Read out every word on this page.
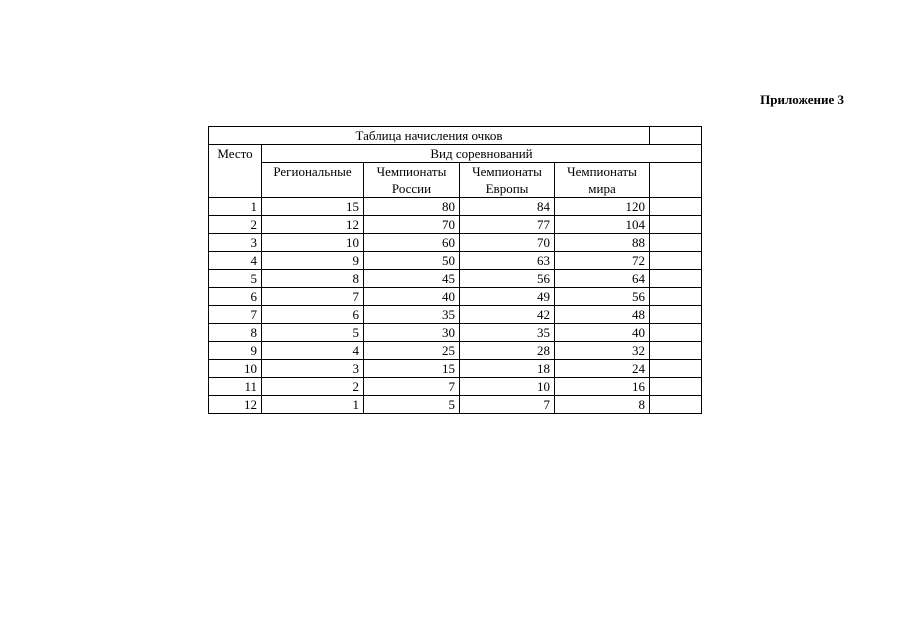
Приложение 3
Таблица начисления очков					
Место	Вид соревнований				
	Региональные	Чемпионаты России	Чемпионаты Европы	Чемпионаты мира	
1	15	80	84	120	
2	12	70	77	104	
3	10	60	70	88	
4	9	50	63	72	
5	8	45	56	64	
6	7	40	49	56	
7	6	35	42	48	
8	5	30	35	40	
9	4	25	28	32	
10	3	15	18	24	
11	2	7	10	16	
12	1	5	7	8	
